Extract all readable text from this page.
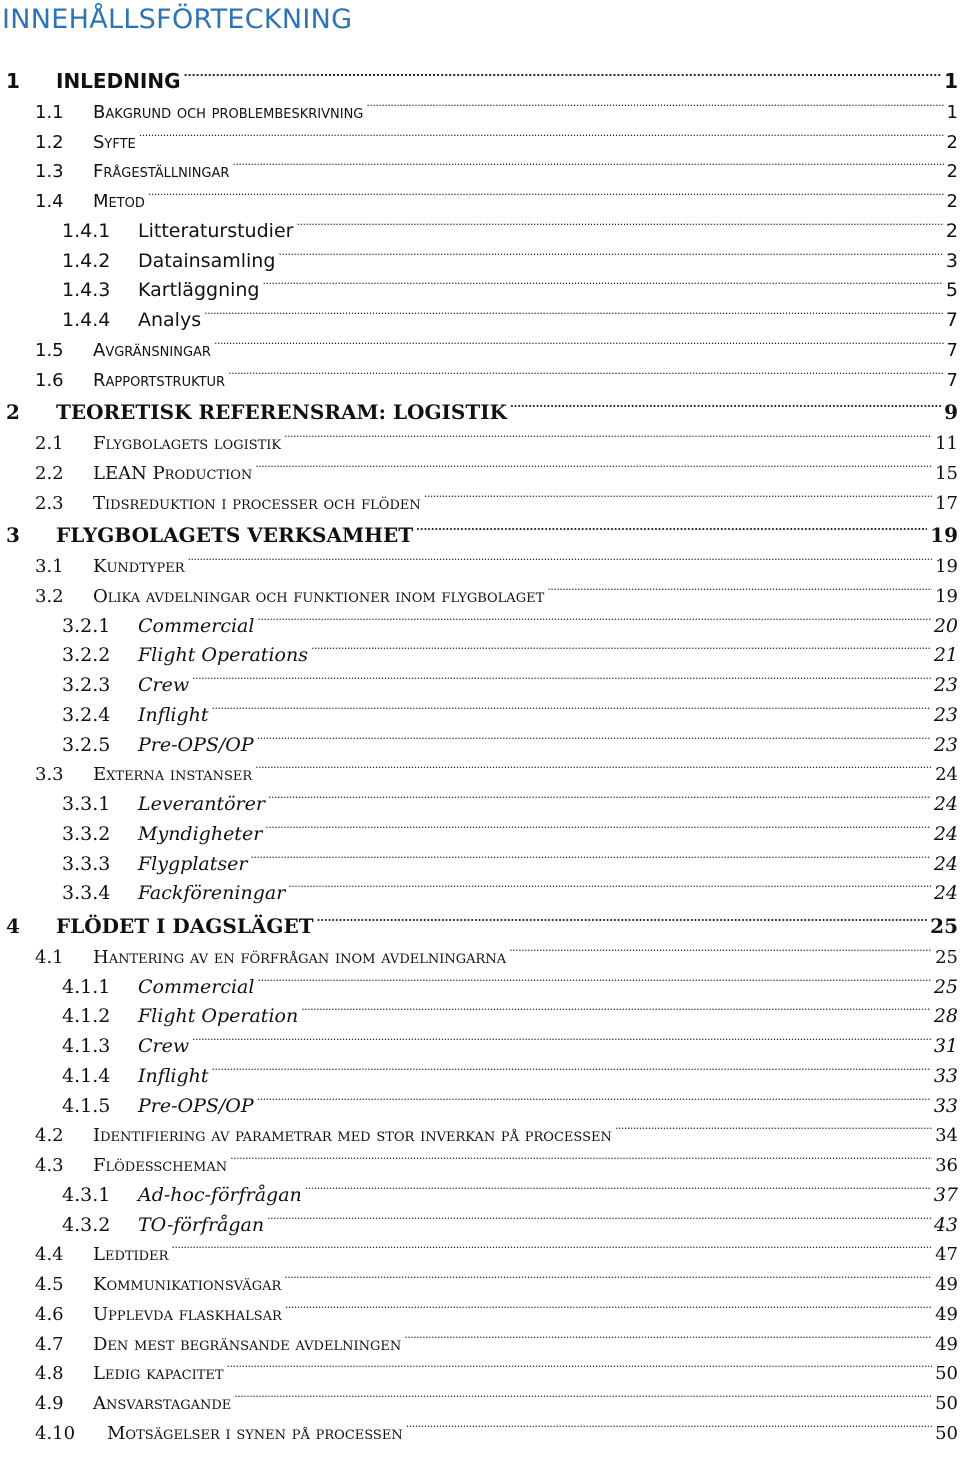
INNEHÅLLSFÖRTECKNING
1	INLEDNING . . .	1
1.1	Bakgrund och problembeskrivning . . .	1
1.2	Syfte . . .	2
1.3	Frågeställningar . . .	2
1.4	Metod . . .	2
1.4.1	Litteraturstudier . . .	2
1.4.2	Datainsamling . . .	3
1.4.3	Kartläggning . . .	5
1.4.4	Analys . . .	7
1.5	Avgränsningar . . .	7
1.6	Rapportstruktur . . .	7
2	TEORETISK REFERENSRAM: LOGISTIK . . .	9
2.1	Flygbolagets logistik . . .	11
2.2	LEAN Production . . .	15
2.3	Tidsreduktion i processer och flöden . . .	17
3	FLYGBOLAGETS VERKSAMHET . . .	19
3.1	Kundtyper . . .	19
3.2	Olika avdelningar och funktioner inom flygbolaget . . .	19
3.2.1	Commercial . . .	20
3.2.2	Flight Operations . . .	21
3.2.3	Crew . . .	23
3.2.4	Inflight . . .	23
3.2.5	Pre-OPS/OP . . .	23
3.3	Externa instanser . . .	24
3.3.1	Leverantörer . . .	24
3.3.2	Myndigheter . . .	24
3.3.3	Flygplatser . . .	24
3.3.4	Fackföreningar . . .	24
4	FLÖDET I DAGSLÄGET . . .	25
4.1	Hantering av en förfrågan inom avdelningarna . . .	25
4.1.1	Commercial . . .	25
4.1.2	Flight Operation . . .	28
4.1.3	Crew . . .	31
4.1.4	Inflight . . .	33
4.1.5	Pre-OPS/OP . . .	33
4.2	Identifiering av parametrar med stor inverkan på processen . . .	34
4.3	Flödesscheman . . .	36
4.3.1	Ad-hoc-förfrågan . . .	37
4.3.2	TO-förfrågan . . .	43
4.4	Ledtider . . .	47
4.5	Kommunikationsvägar . . .	49
4.6	Upplevda flaskhalsar . . .	49
4.7	Den mest begränsande avdelningen . . .	49
4.8	Ledig kapacitet . . .	50
4.9	Ansvarstagande . . .	50
4.10	Motsägelser i synen på processen . . .	50
